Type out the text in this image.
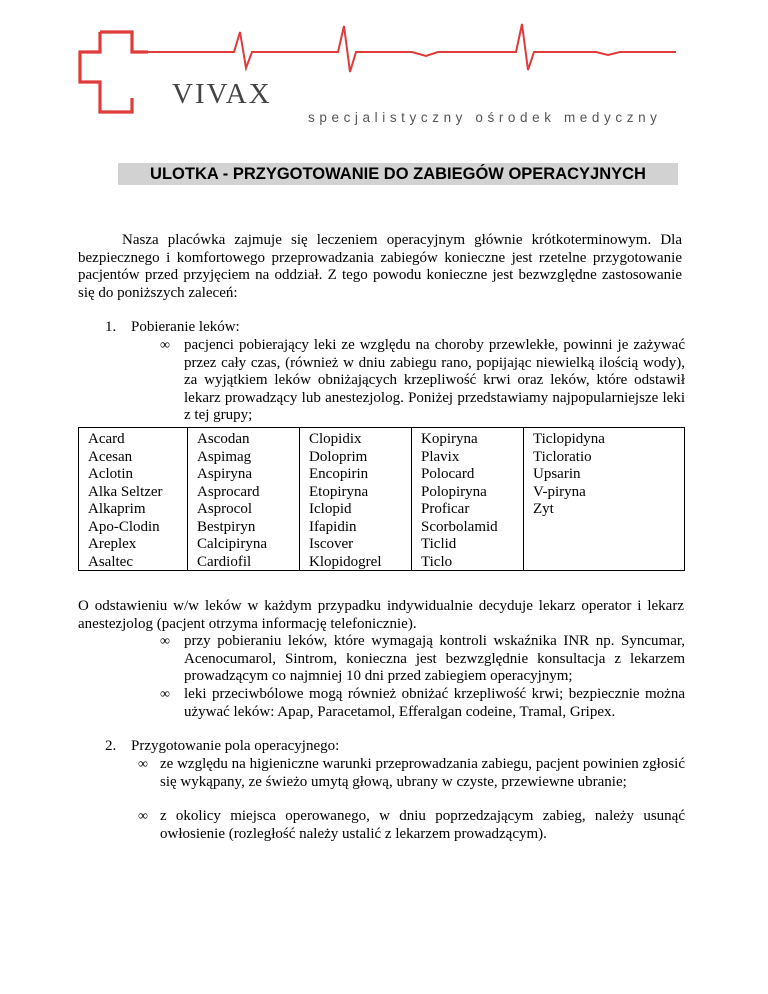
VIVAX
specjalistyczny ośrodek medyczny
ULOTKA - PRZYGOTOWANIE DO ZABIEGÓW OPERACYJNYCH

Nasza placówka zajmuje się leczeniem operacyjnym głównie krótkoterminowym. Dla bezpiecznego i komfortowego przeprowadzania zabiegów konieczne jest rzetelne przygotowanie pacjentów przed przyjęciem na oddział. Z tego powodu konieczne jest bezwzględne zastosowanie się do poniższych zaleceń:

1. Pobieranie leków:
∞ pacjenci pobierający leki ze względu na choroby przewlekłe, powinni je zażywać przez cały czas, (również w dniu zabiegu rano, popijając niewielką ilością wody), za wyjątkiem leków obniżających krzepliwość krwi oraz leków, które odstawił lekarz prowadzący lub anestezjolog. Poniżej przedstawiamy najpopularniejsze leki z tej grupy;

Acard
Acesan
Aclotin
Alka Seltzer
Alkaprim
Apo-Clodin
Areplex
Asaltec
Ascodan
Aspimag
Aspiryna
Asprocard
Asprocol
Bestpiryn
Calcipiryna
Cardiofil
Clopidix
Doloprim
Encopirin
Etopiryna
Iclopid
Ifapidin
Iscover
Klopidogrel
Kopiryna
Plavix
Polocard
Polopiryna
Proficar
Scorbolamid
Ticlid
Ticlo
Ticlopidyna
Ticloratio
Upsarin
V-piryna
Zyt

O odstawieniu w/w leków w każdym przypadku indywidualnie decyduje lekarz operator i lekarz anestezjolog (pacjent otrzyma informację telefonicznie).

∞ przy pobieraniu leków, które wymagają kontroli wskaźnika INR np. Syncumar, Acenocumarol, Sintrom, konieczna jest bezwzględnie konsultacja z lekarzem prowadzącym co najmniej 10 dni przed zabiegiem operacyjnym;

∞ leki przeciwbólowe mogą również obniżać krzepliwość krwi; bezpiecznie można używać leków: Apap, Paracetamol, Efferalgan codeine, Tramal, Gripex.

2. Przygotowanie pola operacyjnego:
∞ ze względu na higieniczne warunki przeprowadzania zabiegu, pacjent powinien zgłosić się wykąpany, ze świeżo umytą głową, ubrany w czyste, przewiewne ubranie;

∞ z okolicy miejsca operowanego, w dniu poprzedzającym zabieg, należy usunąć owłosienie (rozległość należy ustalić z lekarzem prowadzącym).
